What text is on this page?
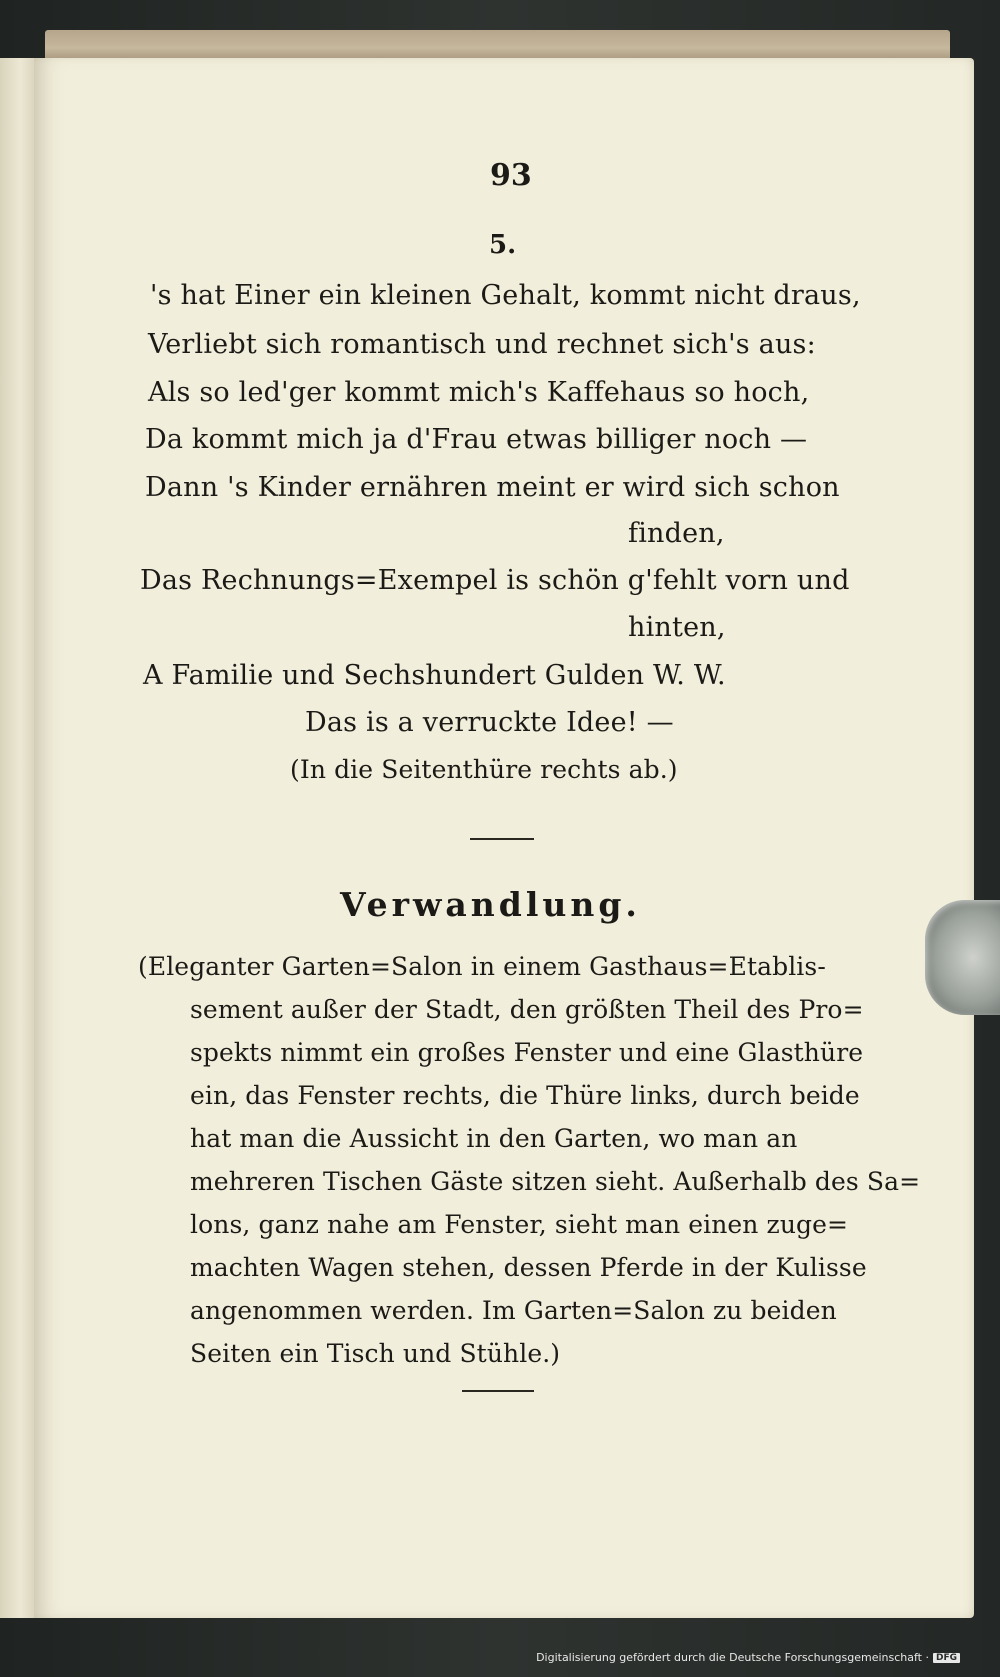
93
5.
's hat Einer ein kleinen Gehalt, kommt nicht draus,
Verliebt sich romantisch und rechnet sich's aus:
Als so led'ger kommt mich's Kaffehaus so hoch,
Da kommt mich ja d'Frau etwas billiger noch —
Dann 's Kinder ernähren meint er wird sich schon
finden,
Das Rechnungs=Exempel is schön g'fehlt vorn und
hinten,
A Familie und Sechshundert Gulden W. W.
Das is a verruckte Idee! —
(In die Seitenthüre rechts ab.)
Verwandlung.
(Eleganter Garten=Salon in einem Gasthaus=Etablis-
sement außer der Stadt, den größten Theil des Pro=
spekts nimmt ein großes Fenster und eine Glasthüre
ein, das Fenster rechts, die Thüre links, durch beide
hat man die Aussicht in den Garten, wo man an
mehreren Tischen Gäste sitzen sieht. Außerhalb des Sa=
lons, ganz nahe am Fenster, sieht man einen zuge=
machten Wagen stehen, dessen Pferde in der Kulisse
angenommen werden. Im Garten=Salon zu beiden
Seiten ein Tisch und Stühle.)
Digitalisierung gefördert durch die Deutsche Forschungsgemeinschaft · DFG
